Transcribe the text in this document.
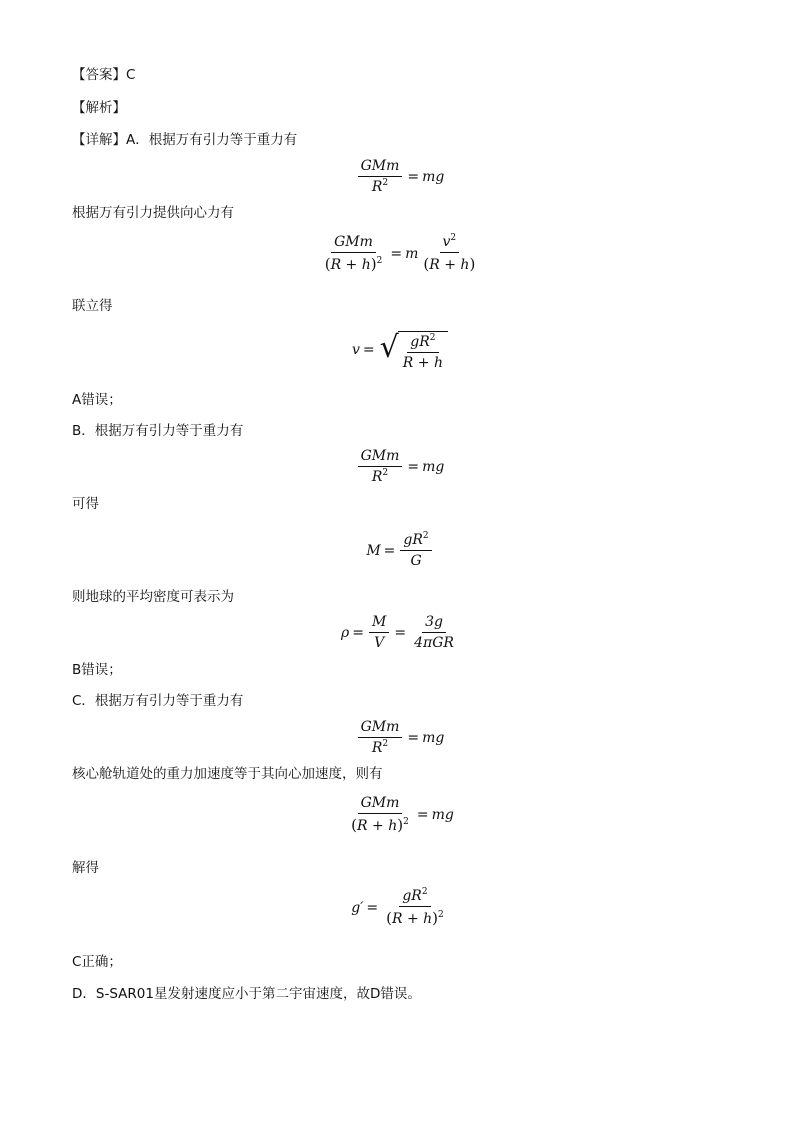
【答案】C
【解析】
【详解】A．根据万有引力等于重力有
$\frac{\text{GMm}}{R^2}$ = mg
根据万有引力提供向心力有
$\frac{\text{GMm}}{(R + h)^2} = m \frac{v^2}{(R + h)}$
联立得
v = √ $\frac{gR^2}{R + h}$
A错误；
B．根据万有引力等于重力有
$\frac{\text{GMm}}{R^2}$ = mg
可得
$M = \frac{gR^2}{G}$
则地球的平均密度可表示为
$\rho = \frac{M}{V} = \frac{3g}{\text{4πGR}}$
B错误；
C．根据万有引力等于重力有
$\frac{\text{GMm}}{R^2}$ = mg
核心舱轨道处的重力加速度等于其向心加速度，则有
$\frac{\text{GMm}}{(R + h)^2}$ = mg
解得
$g' = \frac{gR^2}{(R + h)^2}$
C正确；
D．S-SAR01星发射速度应小于第二宇宙速度，故D错误。
